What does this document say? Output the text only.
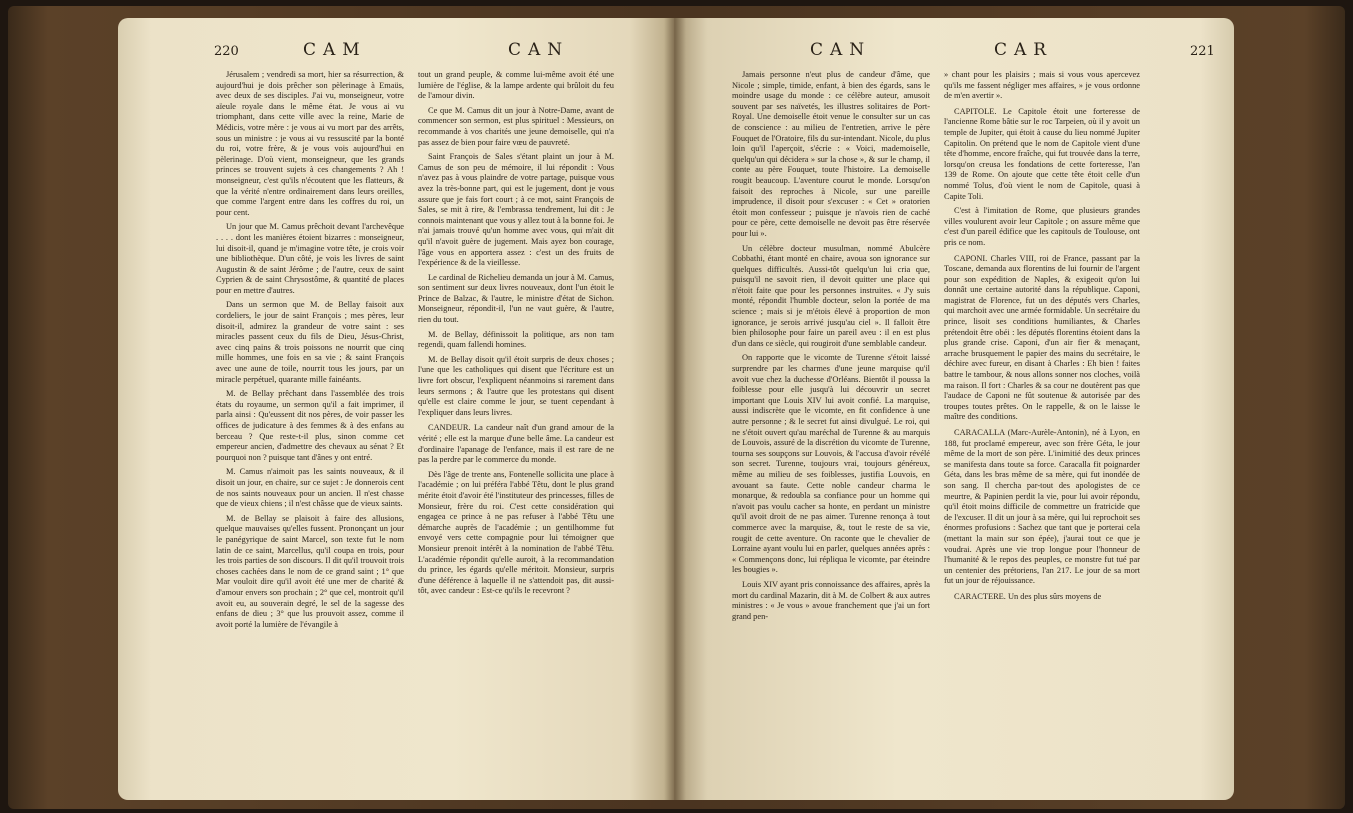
220	CAM	CAN

Jérusalem ; vendredi sa mort, hier sa résurrection, & aujourd'hui je dois prêcher son pèlerinage à Emaüs, avec deux de ses disciples. J'ai vu, monseigneur, votre aïeule royale dans le même état. Je vous ai vu triomphant, dans cette ville avec la reine, Marie de Médicis, votre mère : je vous ai vu mort par des arrêts, sous un ministre : je vous ai vu ressuscité par la bonté du roi, votre frère, & je vous vois aujourd'hui en pèlerinage. D'où vient, monseigneur, que les grands princes se trouvent sujets à ces changements ? Ah ! monseigneur, c'est qu'ils n'écoutent que les flatteurs, & que la vérité n'entre ordinairement dans leurs oreilles, que comme l'argent entre dans les coffres du roi, un pour cent.

Un jour que M. Camus prêchoit devant l'archevêque . . . . dont les manières étoient bizarres : monseigneur, lui disoit-il, quand je m'imagine votre tête, je crois voir une bibliothèque. D'un côté, je vois les livres de saint Augustin & de saint Jérôme ; de l'autre, ceux de saint Cyprien & de saint Chrysostôme, & quantité de places pour en mettre d'autres.

Dans un sermon que M. de Bellay faisoit aux cordeliers, le jour de saint François ; mes pères, leur disoit-il, admirez la grandeur de votre saint : ses miracles passent ceux du fils de Dieu, Jésus-Christ, avec cinq pains & trois poissons ne nourrit que cinq mille hommes, une fois en sa vie ; & saint François avec une aune de toile, nourrit tous les jours, par un miracle perpétuel, quarante mille fainéants.

M. de Bellay prêchant dans l'assemblée des trois états du royaume, un sermon qu'il a fait imprimer, il parla ainsi : Qu'eussent dit nos pères, de voir passer les offices de judicature à des femmes & à des enfans au berceau ? Que reste-t-il plus, sinon comme cet empereur ancien, d'admettre des chevaux au sénat ? Et pourquoi non ? puisque tant d'ânes y ont entré.

M. Camus n'aimoit pas les saints nouveaux, & il disoit un jour, en chaire, sur ce sujet : Je donnerois cent de nos saints nouveaux pour un ancien. Il n'est chasse que de vieux chiens ; il n'est châsse que de vieux saints.

M. de Bellay se plaisoit à faire des allusions, quelque mauvaises qu'elles fussent. Prononçant un jour le panégyrique de saint Marcel, son texte fut le nom latin de ce saint, Marcellus, qu'il coupa en trois, pour les trois parties de son discours. Il dit qu'il trouvoit trois choses cachées dans le nom de ce grand saint ; 1° que Mar vouloit dire qu'il avoit été une mer de charité & d'amour envers son prochain ; 2° que cel, montroit qu'il avoit eu, au souverain degré, le sel de la sagesse des enfans de dieu ; 3° que lus prouvoit assez, comme il avoit porté la lumière de l'évangile à

tout un grand peuple, & comme lui-même avoit été une lumière de l'église, & la lampe ardente qui brûloit du feu de l'amour divin.

Ce que M. Camus dit un jour à Notre-Dame, avant de commencer son sermon, est plus spirituel : Messieurs, on recommande à vos charités une jeune demoiselle, qui n'a pas assez de bien pour faire vœu de pauvreté.

Saint François de Sales s'étant plaint un jour à M. Camus de son peu de mémoire, il lui répondit : Vous n'avez pas à vous plaindre de votre partage, puisque vous avez la très-bonne part, qui est le jugement, dont je vous assure que je fais fort court ; à ce mot, saint François de Sales, se mit à rire, & l'embrassa tendrement, lui dit : Je connois maintenant que vous y allez tout à la bonne foi. Je n'ai jamais trouvé qu'un homme avec vous, qui m'ait dit qu'il n'avoit guère de jugement. Mais ayez bon courage, l'âge vous en apportera assez : c'est un des fruits de l'expérience & de la vieillesse.

Le cardinal de Richelieu demanda un jour à M. Camus, son sentiment sur deux livres nouveaux, dont l'un étoit le Prince de Balzac, & l'autre, le ministre d'état de Sichon. Monseigneur, répondit-il, l'un ne vaut guère, & l'autre, rien du tout.

M. de Bellay, définissoit la politique, ars non tam regendi, quam fallendi homines.

M. de Bellay disoit qu'il étoit surpris de deux choses ; l'une que les catholiques qui disent que l'écriture est un livre fort obscur, l'expliquent néanmoins si rarement dans leurs sermons ; & l'autre que les protestans qui disent qu'elle est claire comme le jour, se tuent cependant à l'expliquer dans leurs livres.

CANDEUR. La candeur naît d'un grand amour de la vérité ; elle est la marque d'une belle âme. La candeur est d'ordinaire l'apanage de l'enfance, mais il est rare de ne pas la perdre par le commerce du monde.

Dès l'âge de trente ans, Fontenelle sollicita une place à l'académie ; on lui préféra l'abbé Têtu, dont le plus grand mérite étoit d'avoir été l'instituteur des princesses, filles de Monsieur, frère du roi. C'est cette considération qui engagea ce prince à ne pas refuser à l'abbé Têtu une démarche auprès de l'académie ; un gentilhomme fut envoyé vers cette compagnie pour lui témoigner que Monsieur prenoit intérêt à la nomination de l'abbé Têtu. L'académie répondit qu'elle auroit, à la recommandation du prince, les égards qu'elle méritoit. Monsieur, surpris d'une déférence à laquelle il ne s'attendoit pas, dit aussi-tôt, avec candeur : Est-ce qu'ils le recevront ?

CAN	CAR	221

Jamais personne n'eut plus de candeur d'âme, que Nicole ; simple, timide, enfant, à bien des égards, sans le moindre usage du monde : ce célèbre auteur, amusoit souvent par ses naïvetés, les illustres solitaires de Port-Royal. Une demoiselle étoit venue le consulter sur un cas de conscience : au milieu de l'entretien, arrive le père Fouquet de l'Oratoire, fils du sur-intendant. Nicole, du plus loin qu'il l'aperçoit, s'écrie : « Voici, mademoiselle, quelqu'un qui décidera » sur la chose », & sur le champ, il conte au père Fouquet, toute l'histoire. La demoiselle rougit beaucoup. L'aventure courut le monde. Lorsqu'on faisoit des reproches à Nicole, sur une pareille imprudence, il disoit pour s'excuser : « Cet » oratorien étoit mon confesseur ; puisque je n'avois rien de caché pour ce père, cette demoiselle ne devoit pas être réservée pour lui ».

Un célèbre docteur musulman, nommé Abulcère Cobbathi, étant monté en chaire, avoua son ignorance sur quelques difficultés. Aussi-tôt quelqu'un lui cria que, puisqu'il ne savoit rien, il devoit quitter une place qui n'étoit faite que pour les personnes instruites. « J'y suis monté, répondit l'humble docteur, selon la portée de ma science ; mais si je m'étois élevé à proportion de mon ignorance, je serois arrivé jusqu'au ciel ». Il falloit être bien philosophe pour faire un pareil aveu : il en est plus d'un dans ce siècle, qui rougiroit d'une semblable candeur.

On rapporte que le vicomte de Turenne s'étoit laissé surprendre par les charmes d'une jeune marquise qu'il avoit vue chez la duchesse d'Orléans. Bientôt il poussa la foiblesse pour elle jusqu'à lui découvrir un secret important que Louis XIV lui avoit confié. La marquise, aussi indiscrète que le vicomte, en fit confidence à une autre personne ; & le secret fut ainsi divulgué. Le roi, qui ne s'étoit ouvert qu'au maréchal de Turenne & au marquis de Louvois, assuré de la discrétion du vicomte de Turenne, tourna ses soupçons sur Louvois, & l'accusa d'avoir révélé son secret. Turenne, toujours vrai, toujours généreux, même au milieu de ses foiblesses, justifia Louvois, en avouant sa faute. Cette noble candeur charma le monarque, & redoubla sa confiance pour un homme qui n'avoit pas voulu cacher sa honte, en perdant un ministre qu'il avoit droit de ne pas aimer. Turenne renonça à tout commerce avec la marquise, &, tout le reste de sa vie, rougit de cette aventure. On raconte que le chevalier de Lorraine ayant voulu lui en parler, quelques années après : « Commençons donc, lui répliqua le vicomte, par éteindre les bougies ».

Louis XIV ayant pris connoissance des affaires, après la mort du cardinal Mazarin, dit à M. de Colbert & aux autres ministres : « Je vous » avoue franchement que j'ai un fort grand pen-

» chant pour les plaisirs ; mais si vous vous apercevez qu'ils me fassent négliger mes affaires, » je vous ordonne de m'en avertir ».

CAPITOLE. Le Capitole étoit une forteresse de l'ancienne Rome bâtie sur le roc Tarpeien, où il y avoit un temple de Jupiter, qui étoit à cause du lieu nommé Jupiter Capitolin. On prétend que le nom de Capitole vient d'une tête d'homme, encore fraîche, qui fut trouvée dans la terre, lorsqu'on creusa les fondations de cette forteresse, l'an 139 de Rome. On ajoute que cette tête étoit celle d'un nommé Tolus, d'où vient le nom de Capitole, quasi à Capite Toli.

C'est à l'imitation de Rome, que plusieurs grandes villes voulurent avoir leur Capitole ; on assure même que c'est d'un pareil édifice que les capitouls de Toulouse, ont pris ce nom.

CAPONI. Charles VIII, roi de France, passant par la Toscane, demanda aux florentins de lui fournir de l'argent pour son expédition de Naples, & exigeoit qu'on lui donnât une certaine autorité dans la république. Caponi, magistrat de Florence, fut un des députés vers Charles, qui marchoit avec une armée formidable. Un secrétaire du prince, lisoit ses conditions humiliantes, & Charles prétendoit être obéi : les députés florentins étoient dans la plus grande crise. Caponi, d'un air fier & menaçant, arrache brusquement le papier des mains du secrétaire, le déchire avec fureur, en disant à Charles : Eh bien ! faites battre le tambour, & nous allons sonner nos cloches, voilà ma raison. Il fort : Charles & sa cour ne doutèrent pas que l'audace de Caponi ne fût soutenue & autorisée par des troupes toutes prêtes. On le rappelle, & on le laisse le maître des conditions.

CARACALLA (Marc-Aurèle-Antonin), né à Lyon, en 188, fut proclamé empereur, avec son frère Géta, le jour même de la mort de son père. L'inimitié des deux princes se manifesta dans toute sa force. Caracalla fit poignarder Géta, dans les bras même de sa mère, qui fut inondée de son sang. Il chercha par-tout des apologistes de ce meurtre, & Papinien perdit la vie, pour lui avoir répondu, qu'il étoit moins difficile de commettre un fratricide que de l'excuser. Il dit un jour à sa mère, qui lui reprochoit ses énormes profusions : Sachez que tant que je porterai cela (mettant la main sur son épée), j'aurai tout ce que je voudrai. Après une vie trop longue pour l'honneur de l'humanité & le repos des peuples, ce monstre fut tué par un centenier des prétoriens, l'an 217. Le jour de sa mort fut un jour de réjouissance.

CARACTERE. Un des plus sûrs moyens de
